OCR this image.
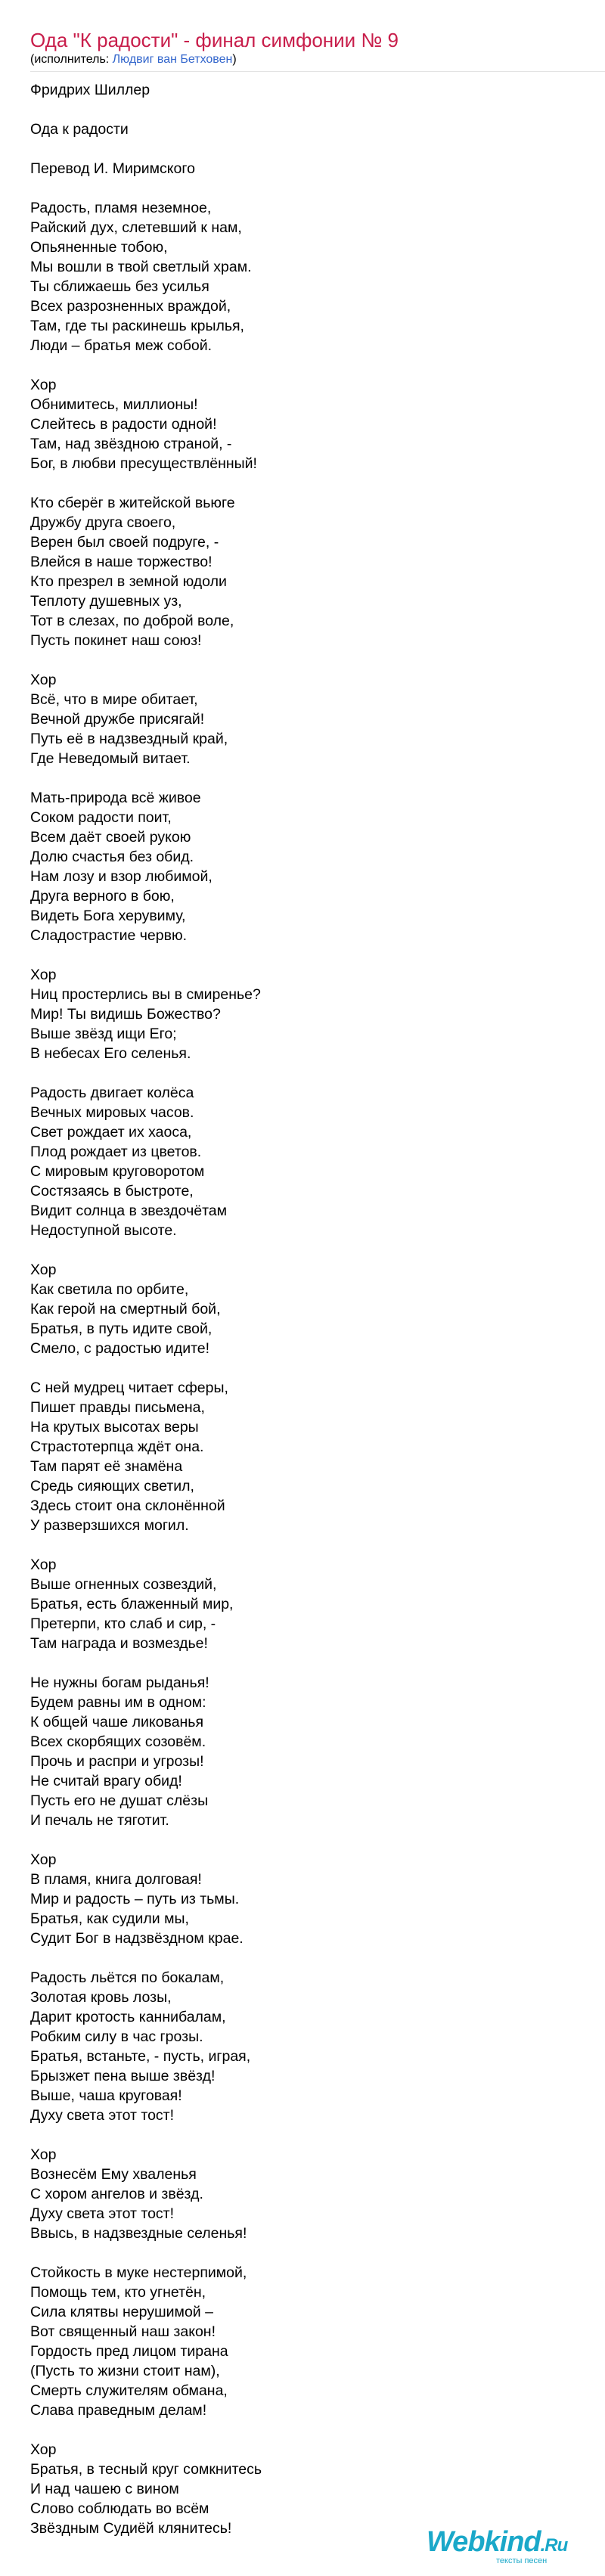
Ода "К радости" - финал симфонии № 9
(исполнитель: Людвиг ван Бетховен)
Фридрих Шиллер
Ода к радости
Перевод И. Миримского
Радость, пламя неземное,
Райский дух, слетевший к нам,
Опьяненные тобою,
Мы вошли в твой светлый храм.
Ты сближаешь без усилья
Всех разрозненных враждой,
Там, где ты раскинешь крылья,
Люди – братья меж собой.
Хор
Обнимитесь, миллионы!
Слейтесь в радости одной!
Там, над звёздною страной, -
Бог, в любви пресуществлённый!
Кто сберёг в житейской вьюге
Дружбу друга своего,
Верен был своей подруге, -
Влейся в наше торжество!
Кто презрел в земной юдоли
Теплоту душевных уз,
Тот в слезах, по доброй воле,
Пусть покинет наш союз!
Хор
Всё, что в мире обитает,
Вечной дружбе присягай!
Путь её в надзвездный край,
Где Неведомый витает.
Мать-природа всё живое
Соком радости поит,
Всем даёт своей рукою
Долю счастья без обид.
Нам лозу и взор любимой,
Друга верного в бою,
Видеть Бога херувиму,
Сладострастие червю.
Хор
Ниц простерлись вы в смиренье?
Мир! Ты видишь Божество?
Выше звёзд ищи Его;
В небесах Его селенья.
Радость двигает колёса
Вечных мировых часов.
Свет рождает их хаоса,
Плод рождает из цветов.
С мировым круговоротом
Состязаясь в быстроте,
Видит солнца в звездочётам
Недоступной высоте.
Хор
Как светила по орбите,
Как герой на смертный бой,
Братья, в путь идите свой,
Смело, с радостью идите!
С ней мудрец читает сферы,
Пишет правды письмена,
На крутых высотах веры
Страстотерпца ждёт она.
Там парят её знамёна
Средь сияющих светил,
Здесь стоит она склонённой
У разверзшихся могил.
Хор
Выше огненных созвездий,
Братья, есть блаженный мир,
Претерпи, кто слаб и сир, -
Там награда и возмездье!
Не нужны богам рыданья!
Будем равны им в одном:
К общей чаше ликованья
Всех скорбящих созовём.
Прочь и распри и угрозы!
Не считай врагу обид!
Пусть его не душат слёзы
И печаль не тяготит.
Хор
В пламя, книга долговая!
Мир и радость – путь из тьмы.
Братья, как судили мы,
Судит Бог в надзвёздном крае.
Радость льётся по бокалам,
Золотая кровь лозы,
Дарит кротость каннибалам,
Робким силу в час грозы.
Братья, встаньте, - пусть, играя,
Брызжет пена выше звёзд!
Выше, чаша круговая!
Духу света этот тост!
Хор
Вознесём Ему хваленья
С хором ангелов и звёзд.
Духу света этот тост!
Ввысь, в надзвездные селенья!
Стойкость в муке нестерпимой,
Помощь тем, кто угнетён,
Сила клятвы нерушимой –
Вот священный наш закон!
Гордость пред лицом тирана
(Пусть то жизни стоит нам),
Смерть служителям обмана,
Слава праведным делам!
Хор
Братья, в тесный круг сомкнитесь
И над чашею с вином
Слово соблюдать во всём
Звёздным Судиёй клянитесь!	Webkind.Ru
тексты песен
